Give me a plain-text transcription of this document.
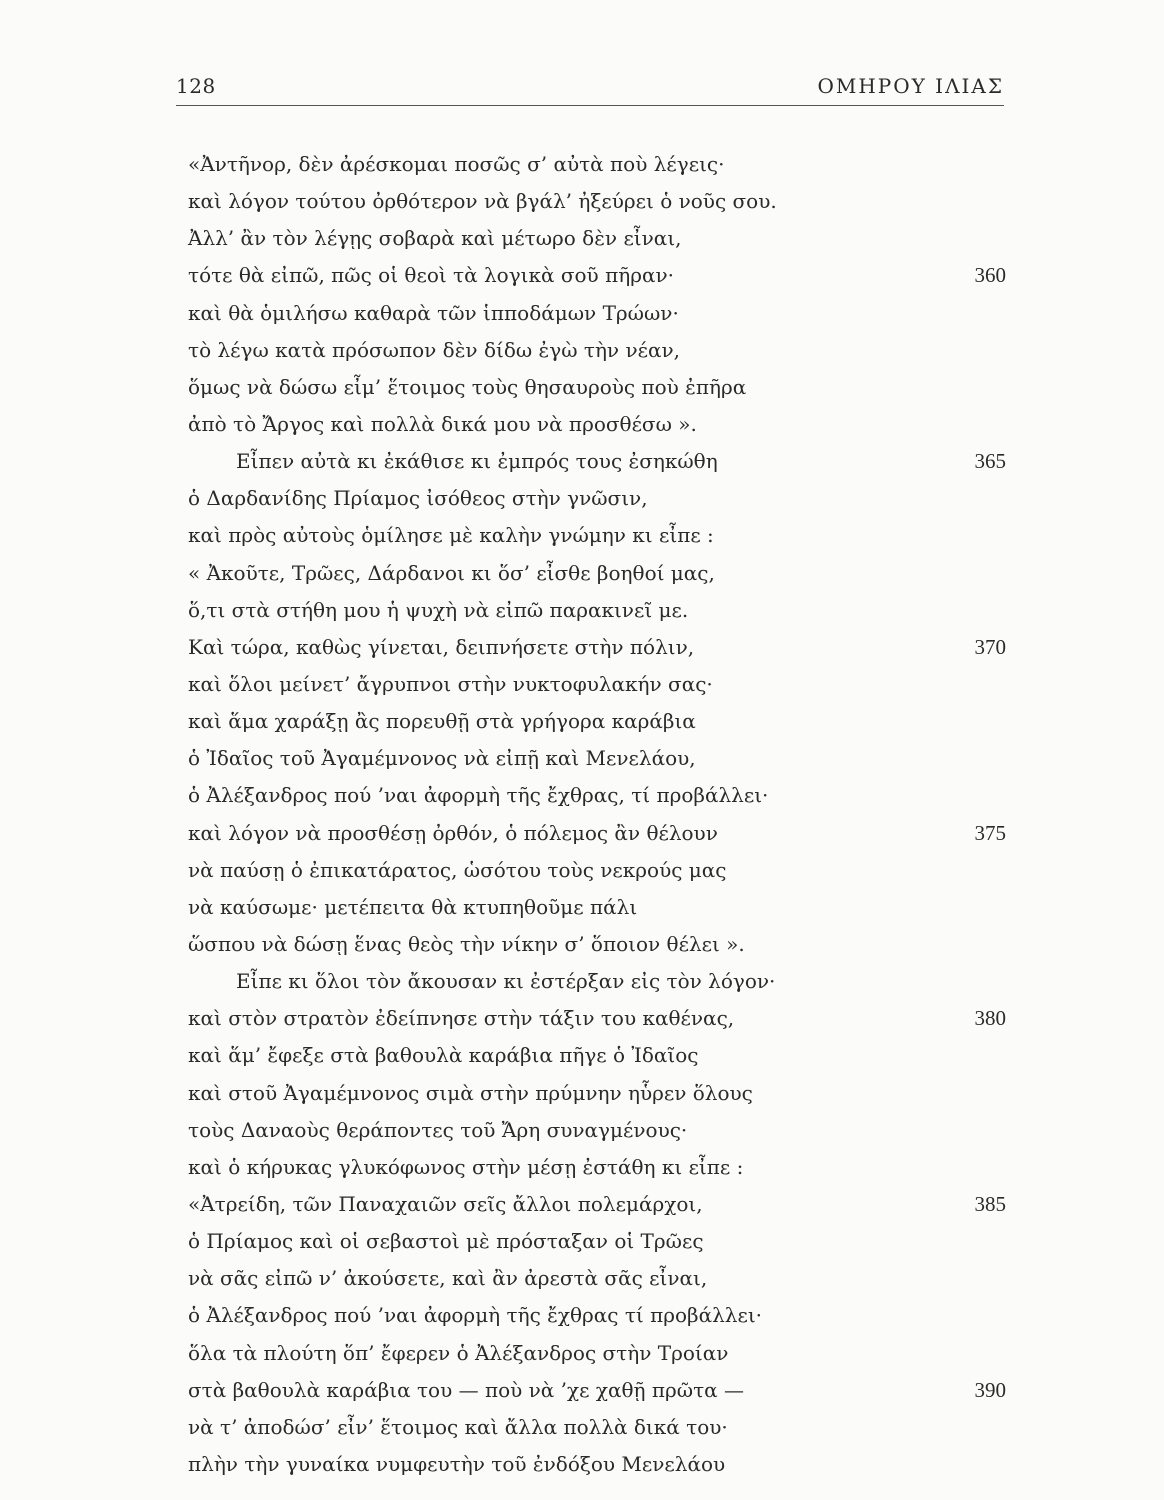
128	ΟΜΗΡΟΥ ΙΛΙΑΣ
«Ἀντῆνορ, δὲν ἀρέσκομαι ποσῶς σ’ αὐτὰ ποὺ λέγεις·
καὶ λόγον τούτου ὀρθότερον νὰ βγάλ’ ἠξεύρει ὁ νοῦς σου.
Ἀλλ’ ἂν τὸν λέγῃς σοβαρὰ καὶ μέτωρο δὲν εἶναι,
τότε θὰ εἰπῶ, πῶς οἱ θεοὶ τὰ λογικὰ σοῦ πῆραν·	360
καὶ θὰ ὁμιλήσω καθαρὰ τῶν ἱπποδάμων Τρώων·
τὸ λέγω κατὰ πρόσωπον δὲν δίδω ἐγὼ τὴν νέαν,
ὅμως νὰ δώσω εἶμ’ ἕτοιμος τοὺς θησαυροὺς ποὺ ἐπῆρα
ἀπὸ τὸ Ἄργος καὶ πολλὰ δικά μου νὰ προσθέσω ».
Εἶπεν αὐτὰ κι ἐκάθισε κι ἐμπρός τους ἐσηκώθη	365
ὁ Δαρδανίδης Πρίαμος ἰσόθεος στὴν γνῶσιν,
καὶ πρὸς αὐτοὺς ὁμίλησε μὲ καλὴν γνώμην κι εἶπε :
« Ἀκοῦτε, Τρῶες, Δάρδανοι κι ὅσ’ εἶσθε βοηθοί μας,
ὅ,τι στὰ στήθη μου ἡ ψυχὴ νὰ εἰπῶ παρακινεῖ με.
Καὶ τώρα, καθὼς γίνεται, δειπνήσετε στὴν πόλιν,	370
καὶ ὅλοι μείνετ’ ἄγρυπνοι στὴν νυκτοφυλακήν σας·
καὶ ἅμα χαράξῃ ἂς πορευθῇ στὰ γρήγορα καράβια
ὁ Ἰδαῖος τοῦ Ἀγαμέμνονος νὰ εἰπῇ καὶ Μενελάου,
ὁ Ἀλέξανδρος πού ’ναι ἀφορμὴ τῆς ἔχθρας, τί προβάλλει·
καὶ λόγον νὰ προσθέσῃ ὀρθόν, ὁ πόλεμος ἂν θέλουν	375
νὰ παύσῃ ὁ ἐπικατάρατος, ὡσότου τοὺς νεκρούς μας
νὰ καύσωμε· μετέπειτα θὰ κτυπηθοῦμε πάλι
ὥσπου νὰ δώσῃ ἕνας θεὸς τὴν νίκην σ’ ὅποιον θέλει ».
Εἶπε κι ὅλοι τὸν ἄκουσαν κι ἐστέρξαν εἰς τὸν λόγον·
καὶ στὸν στρατὸν ἐδείπνησε στὴν τάξιν του καθένας,	380
καὶ ἅμ’ ἔφεξε στὰ βαθουλὰ καράβια πῆγε ὁ Ἰδαῖος
καὶ στοῦ Ἀγαμέμνονος σιμὰ στὴν πρύμνην ηὗρεν ὅλους
τοὺς Δαναοὺς θεράποντες τοῦ Ἄρη συναγμένους·
καὶ ὁ κήρυκας γλυκόφωνος στὴν μέσῃ ἐστάθη κι εἶπε :
«Ἀτρείδη, τῶν Παναχαιῶν σεῖς ἄλλοι πολεμάρχοι,	385
ὁ Πρίαμος καὶ οἱ σεβαστοὶ μὲ πρόσταξαν οἱ Τρῶες
νὰ σᾶς εἰπῶ ν’ ἀκούσετε, καὶ ἂν ἀρεστὰ σᾶς εἶναι,
ὁ Ἀλέξανδρος πού ’ναι ἀφορμὴ τῆς ἔχθρας τί προβάλλει·
ὅλα τὰ πλούτη ὅπ’ ἔφερεν ὁ Ἀλέξανδρος στὴν Τροίαν
στὰ βαθουλὰ καράβια του — ποὺ νὰ ’χε χαθῇ πρῶτα —	390
νὰ τ’ ἀποδώσ’ εἶν’ ἕτοιμος καὶ ἄλλα πολλὰ δικά του·
πλὴν τὴν γυναίκα νυμφευτὴν τοῦ ἐνδόξου Μενελάου
